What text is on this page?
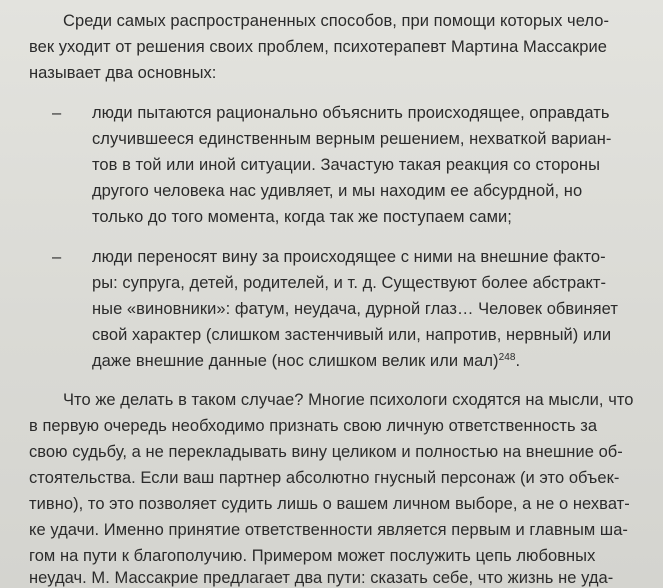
Среди самых распространенных способов, при помощи которых чело-
век уходит от решения своих проблем, психотерапевт Мартина Массакрие
называет два основных:
– люди пытаются рационально объяснить происходящее, оправдать
случившееся единственным верным решением, нехваткой вариан-
тов в той или иной ситуации. Зачастую такая реакция со стороны
другого человека нас удивляет, и мы находим ее абсурдной, но
только до того момента, когда так же поступаем сами;
– люди переносят вину за происходящее с ними на внешние факто-
ры: супруга, детей, родителей, и т. д. Существуют более абстракт-
ные «виновники»: фатум, неудача, дурной глаз… Человек обвиняет
свой характер (слишком застенчивый или, напротив, нервный) или
даже внешние данные (нос слишком велик или мал)$^{248}$.
Что же делать в таком случае? Многие психологи сходятся на мысли, что
в первую очередь необходимо признать свою личную ответственность за
свою судьбу, а не перекладывать вину целиком и полностью на внешние об-
стоятельства. Если ваш партнер абсолютно гнусный персонаж (и это объек-
тивно), то это позволяет судить лишь о вашем личном выборе, а не о нехват-
ке удачи. Именно принятие ответственности является первым и главным ша-
гом на пути к благополучию. Примером может послужить цепь любовных
неудач. М. Массакрие предлагает два пути: сказать себе, что жизнь не уда-
